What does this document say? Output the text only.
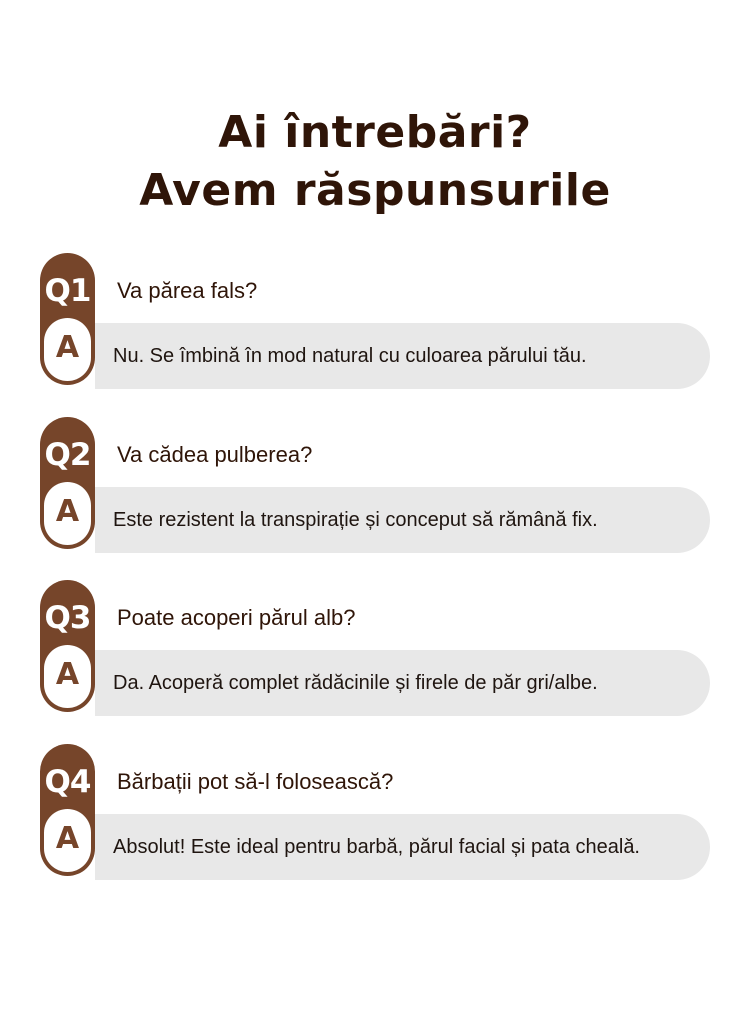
Ai întrebări?
Avem răspunsurile
Q1
A
Va părea fals?
Nu. Se îmbină în mod natural cu culoarea părului tău.
Q2
A
Va cădea pulberea?
Este rezistent la transpirație și conceput să rămână fix.
Q3
A
Poate acoperi părul alb?
Da. Acoperă complet rădăcinile și firele de păr gri/albe.
Q4
A
Bărbații pot să-l folosească?
Absolut! Este ideal pentru barbă, părul facial și pata chealǎ.
